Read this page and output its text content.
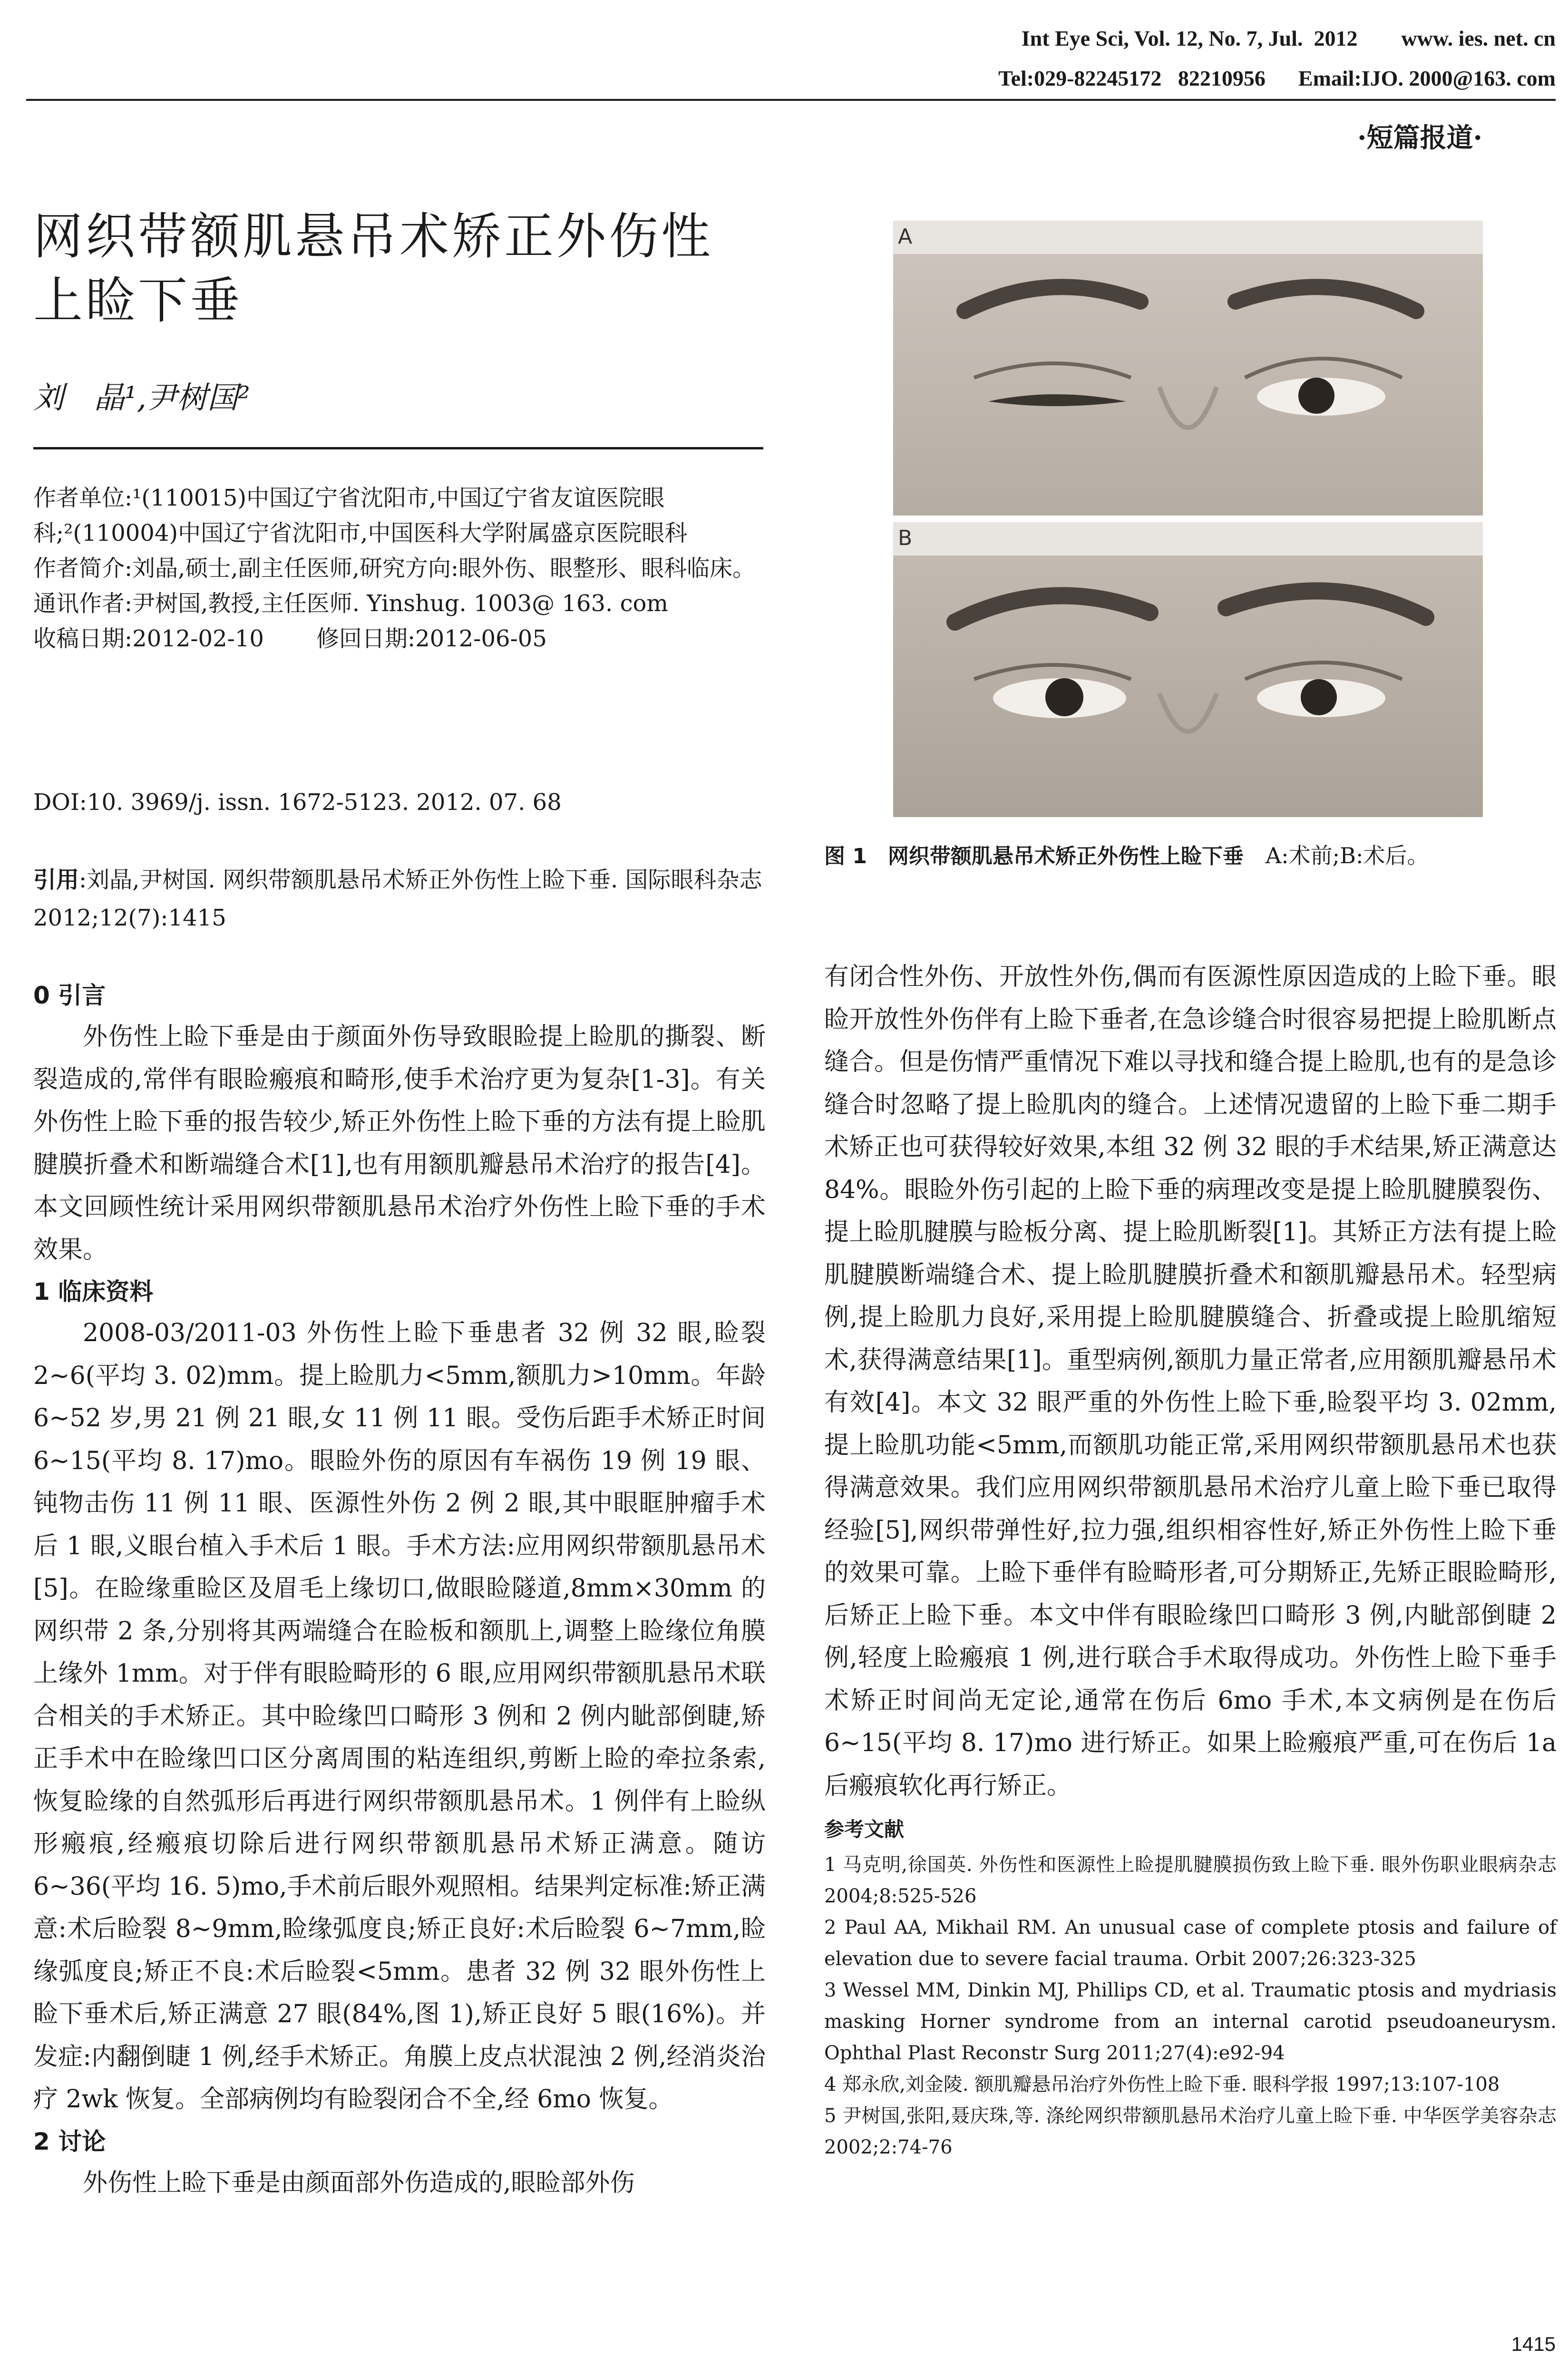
Int Eye Sci, Vol. 12, No. 7, Jul.  2012        www. ies. net. cn
Tel:029-82245172   82210956      Email:IJO. 2000@163. com
·短篇报道·
网织带额肌悬吊术矫正外伤性
上睑下垂
刘　晶¹,尹树国²

作者单位:¹(110015)中国辽宁省沈阳市,中国辽宁省友谊医院眼科;²(110004)中国辽宁省沈阳市,中国医科大学附属盛京医院眼科

作者简介:刘晶,硕士,副主任医师,研究方向:眼外伤、眼整形、眼科临床。

通讯作者:尹树国,教授,主任医师. Yinshug. 1003@ 163. com

收稿日期:2012-02-10 修回日期:2012-06-05

DOI:10. 3969/j. issn. 1672-5123. 2012. 07. 68
引用:刘晶,尹树国. 网织带额肌悬吊术矫正外伤性上睑下垂. 国际眼科杂志 2012;12(7):1415
0 引言

外伤性上睑下垂是由于颜面外伤导致眼睑提上睑肌的撕裂、断裂造成的,常伴有眼睑瘢痕和畸形,使手术治疗更为复杂[1-3]。有关外伤性上睑下垂的报告较少,矫正外伤性上睑下垂的方法有提上睑肌腱膜折叠术和断端缝合术[1],也有用额肌瓣悬吊术治疗的报告[4]。本文回顾性统计采用网织带额肌悬吊术治疗外伤性上睑下垂的手术效果。

1 临床资料

2008-03/2011-03 外伤性上睑下垂患者 32 例 32 眼,睑裂 2~6(平均 3. 02)mm。提上睑肌力<5mm,额肌力>10mm。年龄 6~52 岁,男 21 例 21 眼,女 11 例 11 眼。受伤后距手术矫正时间 6~15(平均 8. 17)mo。眼睑外伤的原因有车祸伤 19 例 19 眼、钝物击伤 11 例 11 眼、医源性外伤 2 例 2 眼,其中眼眶肿瘤手术后 1 眼,义眼台植入手术后 1 眼。手术方法:应用网织带额肌悬吊术[5]。在睑缘重睑区及眉毛上缘切口,做眼睑隧道,8mm×30mm 的网织带 2 条,分别将其两端缝合在睑板和额肌上,调整上睑缘位角膜上缘外 1mm。对于伴有眼睑畸形的 6 眼,应用网织带额肌悬吊术联合相关的手术矫正。其中睑缘凹口畸形 3 例和 2 例内眦部倒睫,矫正手术中在睑缘凹口区分离周围的粘连组织,剪断上睑的牵拉条索,恢复睑缘的自然弧形后再进行网织带额肌悬吊术。1 例伴有上睑纵形瘢痕,经瘢痕切除后进行网织带额肌悬吊术矫正满意。随访 6~36(平均 16. 5)mo,手术前后眼外观照相。结果判定标准:矫正满意:术后睑裂 8~9mm,睑缘弧度良;矫正良好:术后睑裂 6~7mm,睑缘弧度良;矫正不良:术后睑裂<5mm。患者 32 例 32 眼外伤性上睑下垂术后,矫正满意 27 眼(84%,图 1),矫正良好 5 眼(16%)。并发症:内翻倒睫 1 例,经手术矫正。角膜上皮点状混浊 2 例,经消炎治疗 2wk 恢复。全部病例均有睑裂闭合不全,经 6mo 恢复。

2 讨论

外伤性上睑下垂是由颜面部外伤造成的,眼睑部外伤

A
B
图 1　网织带额肌悬吊术矫正外伤性上睑下垂　A:术前;B:术后。

有闭合性外伤、开放性外伤,偶而有医源性原因造成的上睑下垂。眼睑开放性外伤伴有上睑下垂者,在急诊缝合时很容易把提上睑肌断点缝合。但是伤情严重情况下难以寻找和缝合提上睑肌,也有的是急诊缝合时忽略了提上睑肌肉的缝合。上述情况遗留的上睑下垂二期手术矫正也可获得较好效果,本组 32 例 32 眼的手术结果,矫正满意达 84%。眼睑外伤引起的上睑下垂的病理改变是提上睑肌腱膜裂伤、提上睑肌腱膜与睑板分离、提上睑肌断裂[1]。其矫正方法有提上睑肌腱膜断端缝合术、提上睑肌腱膜折叠术和额肌瓣悬吊术。轻型病例,提上睑肌力良好,采用提上睑肌腱膜缝合、折叠或提上睑肌缩短术,获得满意结果[1]。重型病例,额肌力量正常者,应用额肌瓣悬吊术有效[4]。本文 32 眼严重的外伤性上睑下垂,睑裂平均 3. 02mm,提上睑肌功能<5mm,而额肌功能正常,采用网织带额肌悬吊术也获得满意效果。我们应用网织带额肌悬吊术治疗儿童上睑下垂已取得经验[5],网织带弹性好,拉力强,组织相容性好,矫正外伤性上睑下垂的效果可靠。上睑下垂伴有睑畸形者,可分期矫正,先矫正眼睑畸形,后矫正上睑下垂。本文中伴有眼睑缘凹口畸形 3 例,内眦部倒睫 2 例,轻度上睑瘢痕 1 例,进行联合手术取得成功。外伤性上睑下垂手术矫正时间尚无定论,通常在伤后 6mo 手术,本文病例是在伤后 6~15(平均 8. 17)mo 进行矫正。如果上睑瘢痕严重,可在伤后 1a 后瘢痕软化再行矫正。

参考文献

1 马克明,徐国英. 外伤性和医源性上睑提肌腱膜损伤致上睑下垂. 眼外伤职业眼病杂志 2004;8:525-526

2 Paul AA, Mikhail RM. An unusual case of complete ptosis and failure of elevation due to severe facial trauma. Orbit 2007;26:323-325

3 Wessel MM, Dinkin MJ, Phillips CD, et al. Traumatic ptosis and mydriasis masking Horner syndrome from an internal carotid pseudoaneurysm. Ophthal Plast Reconstr Surg 2011;27(4):e92-94

4 郑永欣,刘金陵. 额肌瓣悬吊治疗外伤性上睑下垂. 眼科学报 1997;13:107-108

5 尹树国,张阳,聂庆珠,等. 涤纶网织带额肌悬吊术治疗儿童上睑下垂. 中华医学美容杂志 2002;2:74-76

1415
